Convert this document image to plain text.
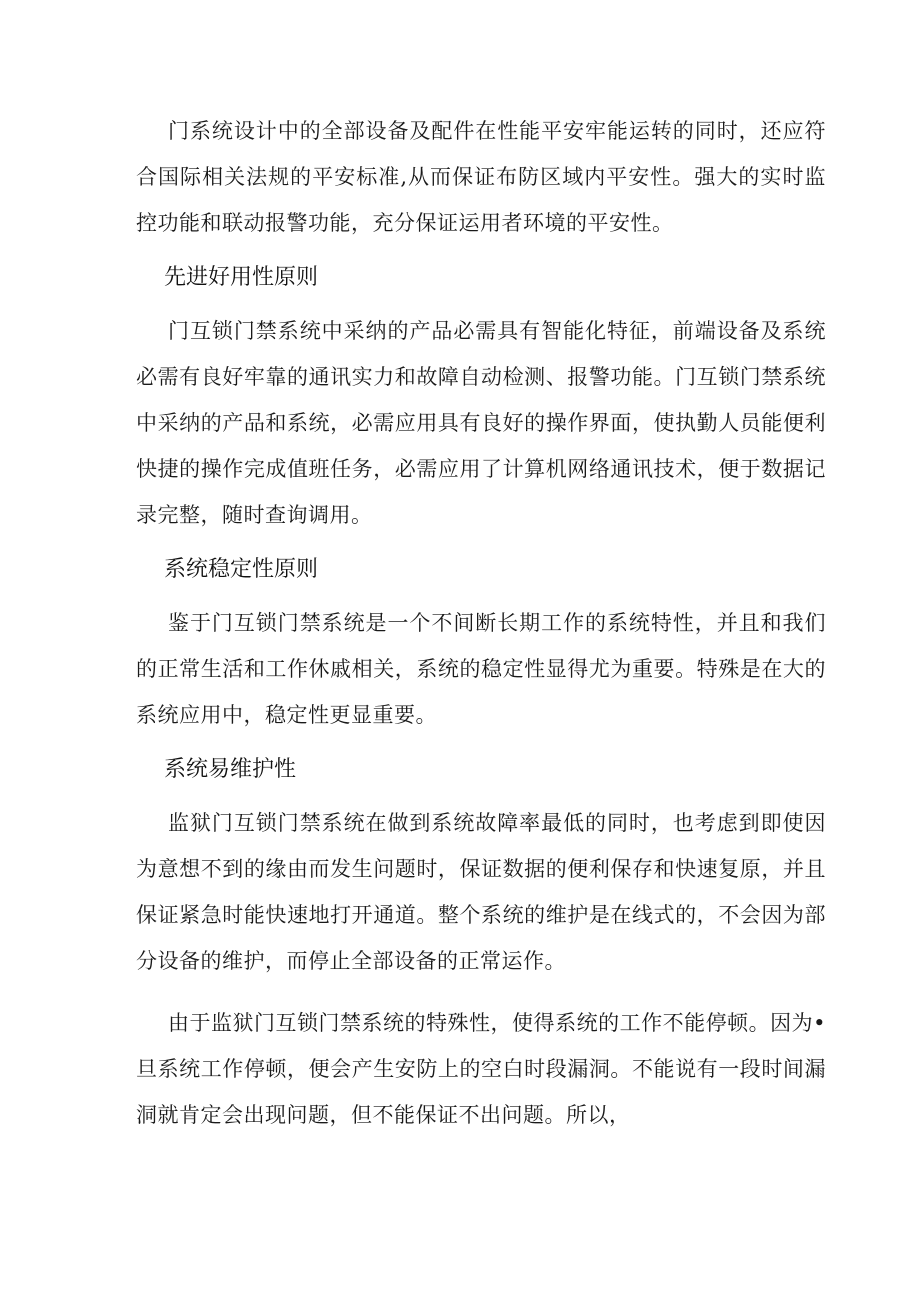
门系统设计中的全部设备及配件在性能平安牢能运转的同时，还应符合国际相关法规的平安标准,从而保证布防区域内平安性。强大的实时监控功能和联动报警功能，充分保证运用者环境的平安性。

先进好用性原则

门互锁门禁系统中采纳的产品必需具有智能化特征，前端设备及系统必需有良好牢靠的通讯实力和故障自动检测、报警功能。门互锁门禁系统中采纳的产品和系统，必需应用具有良好的操作界面，使执勤人员能便利快捷的操作完成值班任务，必需应用了计算机网络通讯技术，便于数据记录完整，随时查询调用。

系统稳定性原则

鉴于门互锁门禁系统是一个不间断长期工作的系统特性，并且和我们的正常生活和工作休戚相关，系统的稳定性显得尤为重要。特殊是在大的系统应用中，稳定性更显重要。

系统易维护性

监狱门互锁门禁系统在做到系统故障率最低的同时，也考虑到即使因为意想不到的缘由而发生问题时，保证数据的便利保存和快速复原，并且保证紧急时能快速地打开通道。整个系统的维护是在线式的，不会因为部分设备的维护，而停止全部设备的正常运作。

由于监狱门互锁门禁系统的特殊性，使得系统的工作不能停顿。因为•旦系统工作停顿，便会产生安防上的空白时段漏洞。不能说有一段时间漏洞就肯定会出现问题，但不能保证不出问题。所以，
